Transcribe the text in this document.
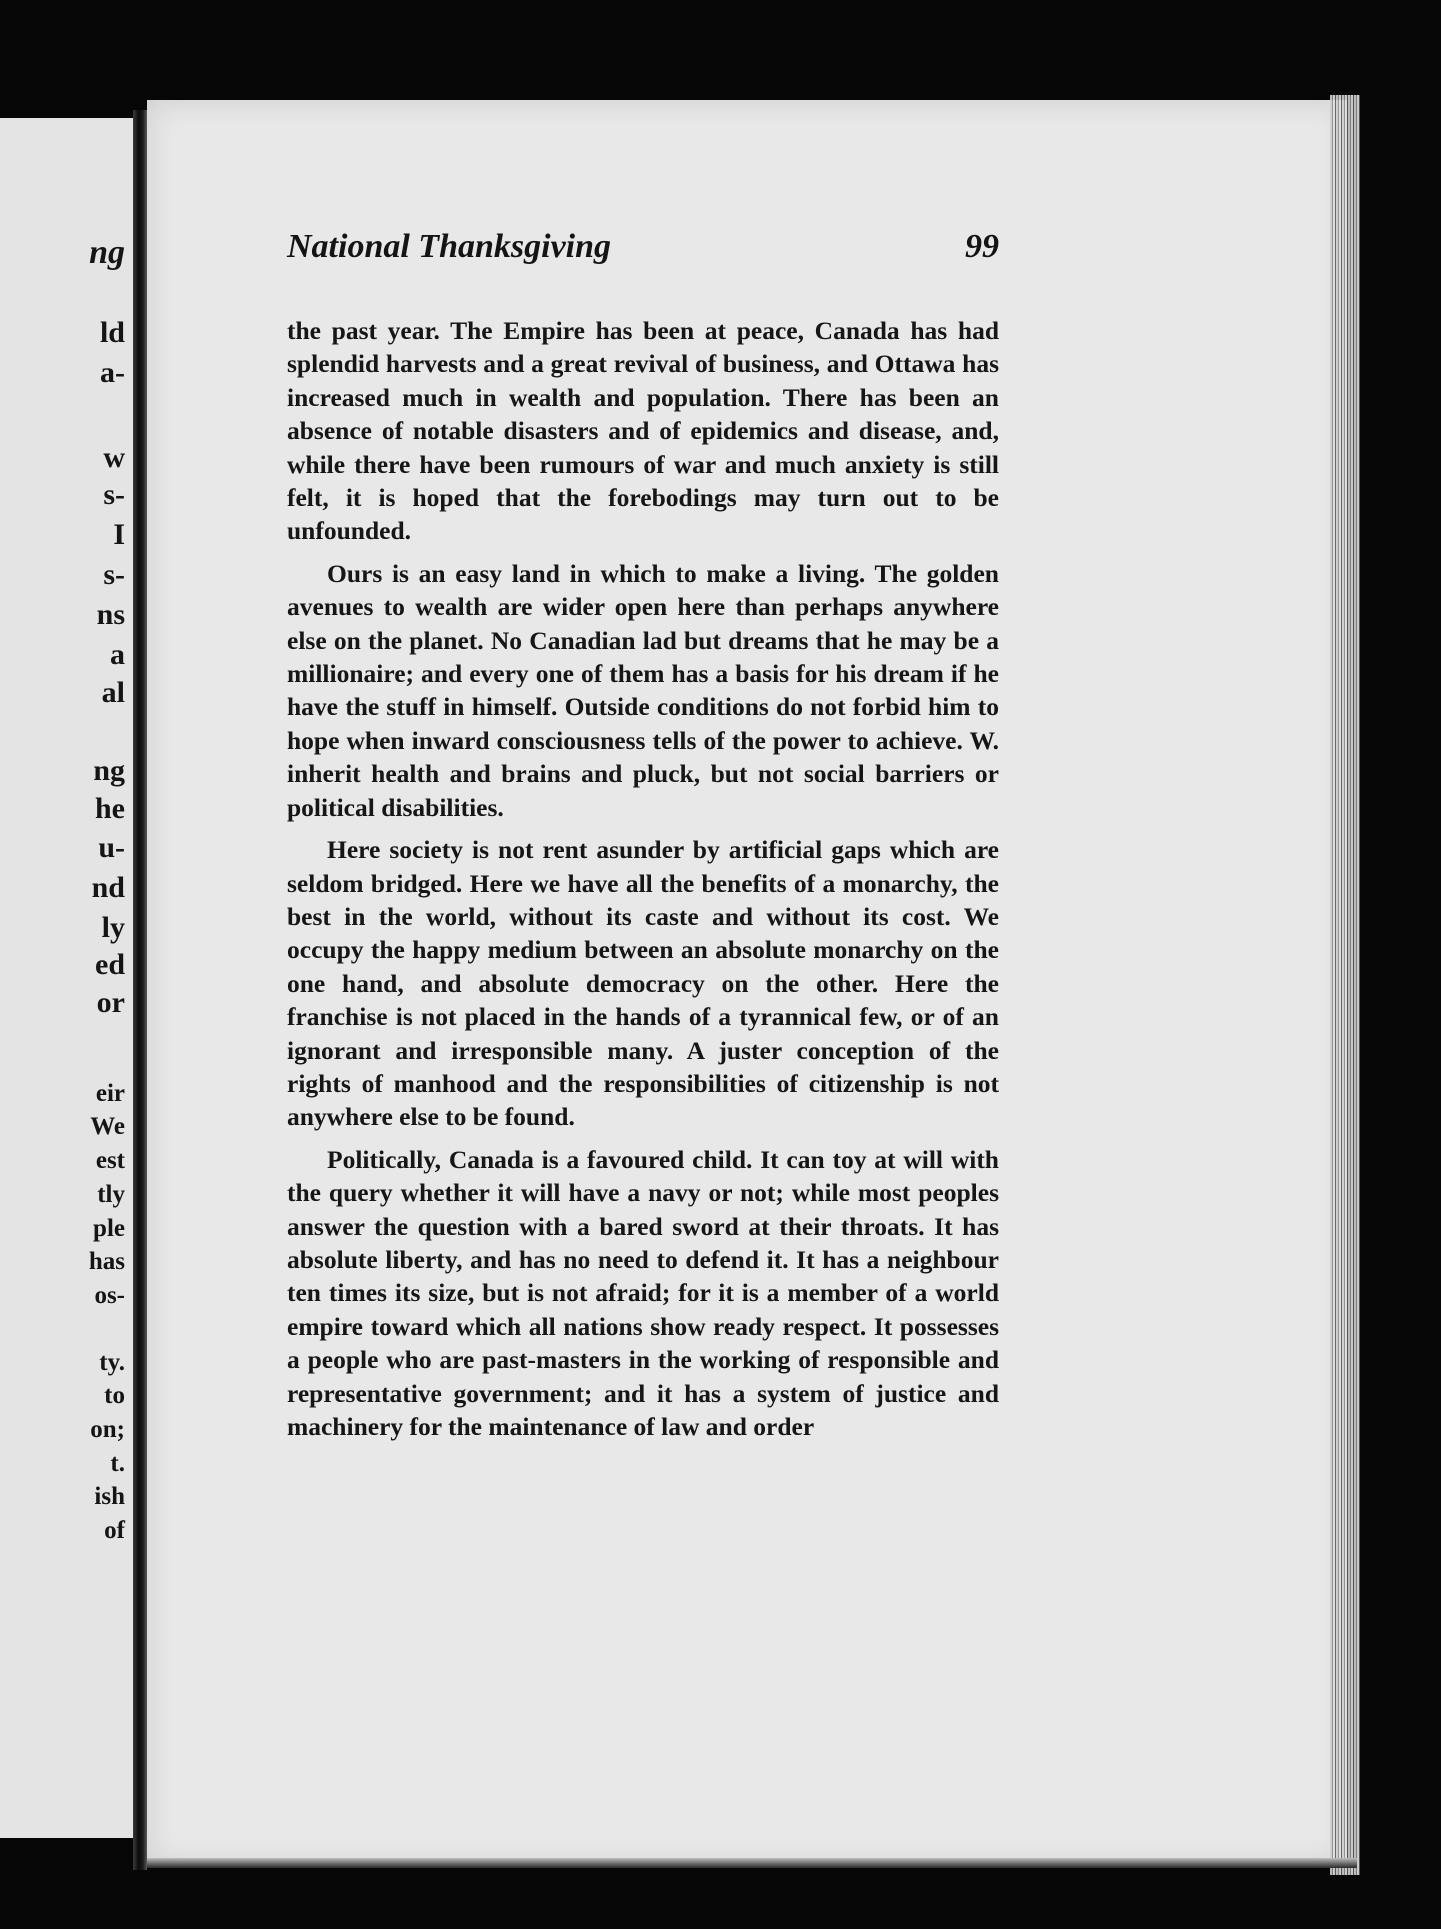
ng
ld
a-
w
s-
I
s-
ns
a
al
ng
he
u-
nd
ly
ed
or
eir
We
est
tly
ple
has
os-
ty.
to
on;
t.
ish
of
National Thanksgiving	99

the past year. The Empire has been at peace, Canada has had splendid harvests and a great revival of business, and Ottawa has increased much in wealth and population. There has been an absence of notable disasters and of epidemics and disease, and, while there have been rumours of war and much anxiety is still felt, it is hoped that the forebodings may turn out to be unfounded.

Ours is an easy land in which to make a living. The golden avenues to wealth are wider open here than perhaps anywhere else on the planet. No Canadian lad but dreams that he may be a millionaire; and every one of them has a basis for his dream if he have the stuff in himself. Outside conditions do not forbid him to hope when inward consciousness tells of the power to achieve. W. inherit health and brains and pluck, but not social barriers or political disabilities.

Here society is not rent asunder by artificial gaps which are seldom bridged. Here we have all the benefits of a monarchy, the best in the world, without its caste and without its cost. We occupy the happy medium between an absolute monarchy on the one hand, and absolute democracy on the other. Here the franchise is not placed in the hands of a tyrannical few, or of an ignorant and irresponsible many. A juster conception of the rights of manhood and the responsibilities of citizenship is not anywhere else to be found.

Politically, Canada is a favoured child. It can toy at will with the query whether it will have a navy or not; while most peoples answer the question with a bared sword at their throats. It has absolute liberty, and has no need to defend it. It has a neighbour ten times its size, but is not afraid; for it is a member of a world empire toward which all nations show ready respect. It possesses a people who are past-masters in the working of responsible and representative government; and it has a system of justice and machinery for the maintenance of law and order
